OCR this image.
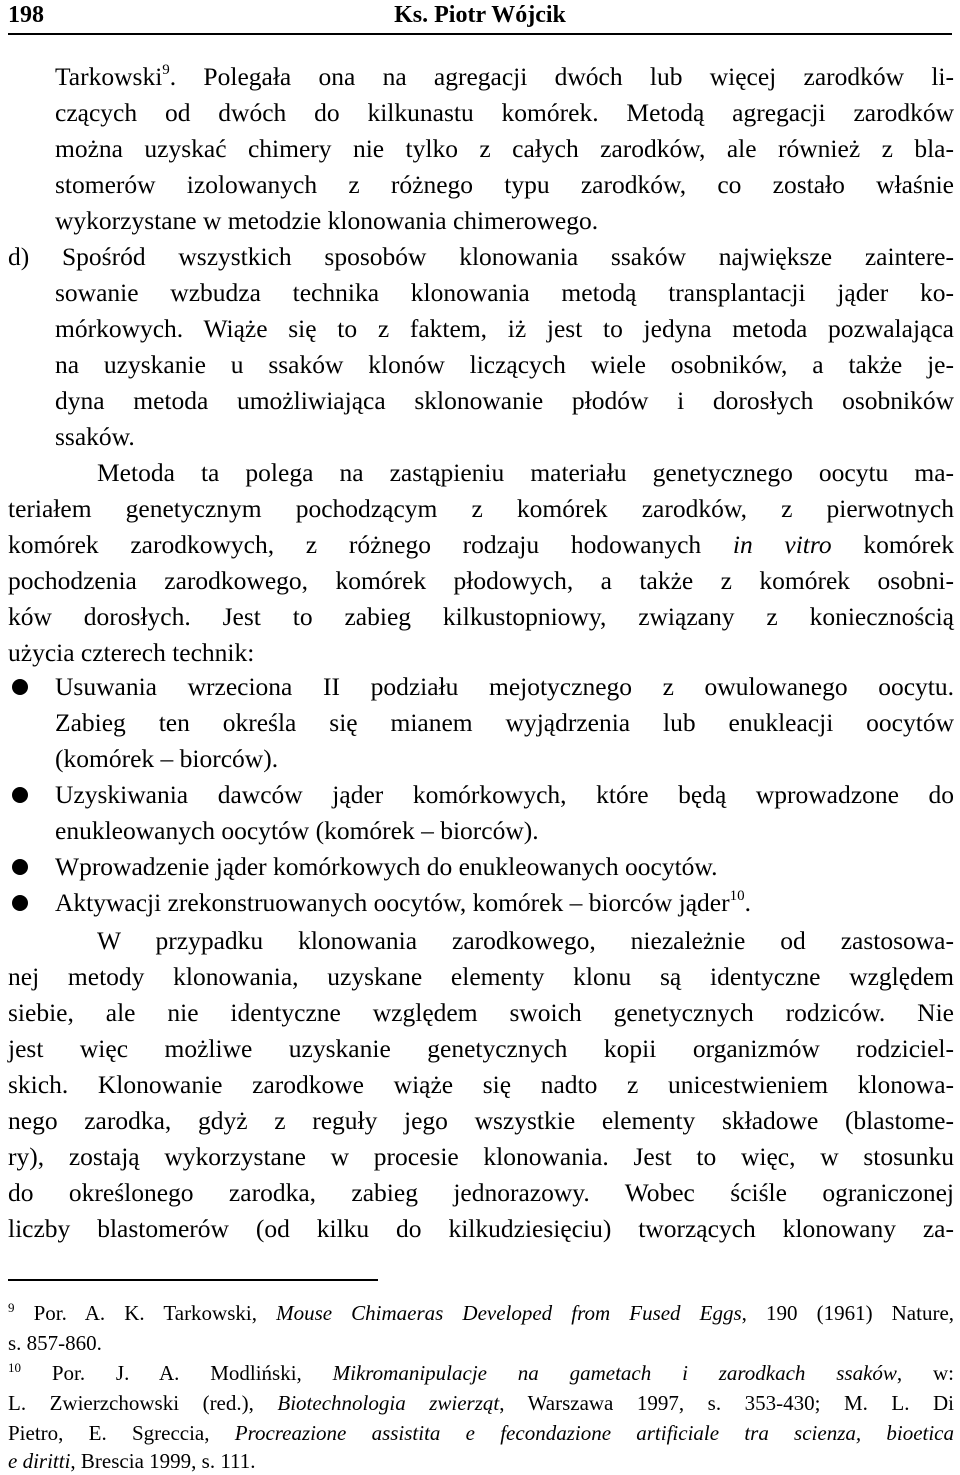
198	Ks. Piotr Wójcik
Tarkowski$^9$. Polegała ona na agregacji dwóch lub więcej zarodków li-
czących od dwóch do kilkunastu komórek. Metodą agregacji zarodków
można uzyskać chimery nie tylko z całych zarodków, ale również z bla-
stomerów izolowanych z różnego typu zarodków, co zostało właśnie
wykorzystane w metodzie klonowania chimerowego.
d) Spośród wszystkich sposobów klonowania ssaków największe zaintere-
sowanie wzbudza technika klonowania metodą transplantacji jąder ko-
mórkowych. Wiąże się to z faktem, iż jest to jedyna metoda pozwalająca
na uzyskanie u ssaków klonów liczących wiele osobników, a także je-
dyna metoda umożliwiająca sklonowanie płodów i dorosłych osobników
ssaków.
Metoda ta polega na zastąpieniu materiału genetycznego oocytu ma-
teriałem genetycznym pochodzącym z komórek zarodków, z pierwotnych
komórek zarodkowych, z różnego rodzaju hodowanych in vitro komórek
pochodzenia zarodkowego, komórek płodowych, a także z komórek osobni-
ków dorosłych. Jest to zabieg kilkustopniowy, związany z koniecznością
użycia czterech technik:
Usuwania wrzeciona II podziału mejotycznego z owulowanego oocytu.
Zabieg ten określa się mianem wyjądrzenia lub enukleacji oocytów
(komórek – biorców).
Uzyskiwania dawców jąder komórkowych, które będą wprowadzone do
enukleowanych oocytów (komórek – biorców).
Wprowadzenie jąder komórkowych do enukleowanych oocytów.
Aktywacji zrekonstruowanych oocytów, komórek – biorców jąder$^{10}$.
W przypadku klonowania zarodkowego, niezależnie od zastosowa-
nej metody klonowania, uzyskane elementy klonu są identyczne względem
siebie, ale nie identyczne względem swoich genetycznych rodziców. Nie
jest więc możliwe uzyskanie genetycznych kopii organizmów rodziciel-
skich. Klonowanie zarodkowe wiąże się nadto z unicestwieniem klonowa-
nego zarodka, gdyż z reguły jego wszystkie elementy składowe (blastome-
ry), zostają wykorzystane w procesie klonowania. Jest to więc, w stosunku
do określonego zarodka, zabieg jednorazowy. Wobec ściśle ograniczonej
liczby blastomerów (od kilku do kilkudziesięciu) tworzących klonowany za-
$^9$ Por. A. K. Tarkowski, Mouse Chimaeras Developed from Fused Eggs, 190 (1961) Nature,
s. 857-860.
$^{10}$ Por. J. A. Modliński, Mikromanipulacje na gametach i zarodkach ssaków, w:
L. Zwierzchowski (red.), Biotechnologia zwierząt, Warszawa 1997, s. 353-430; M. L. Di
Pietro, E. Sgreccia, Procreazione assistita e fecondazione artificiale tra scienza, bioetica
e diritti, Brescia 1999, s. 111.
